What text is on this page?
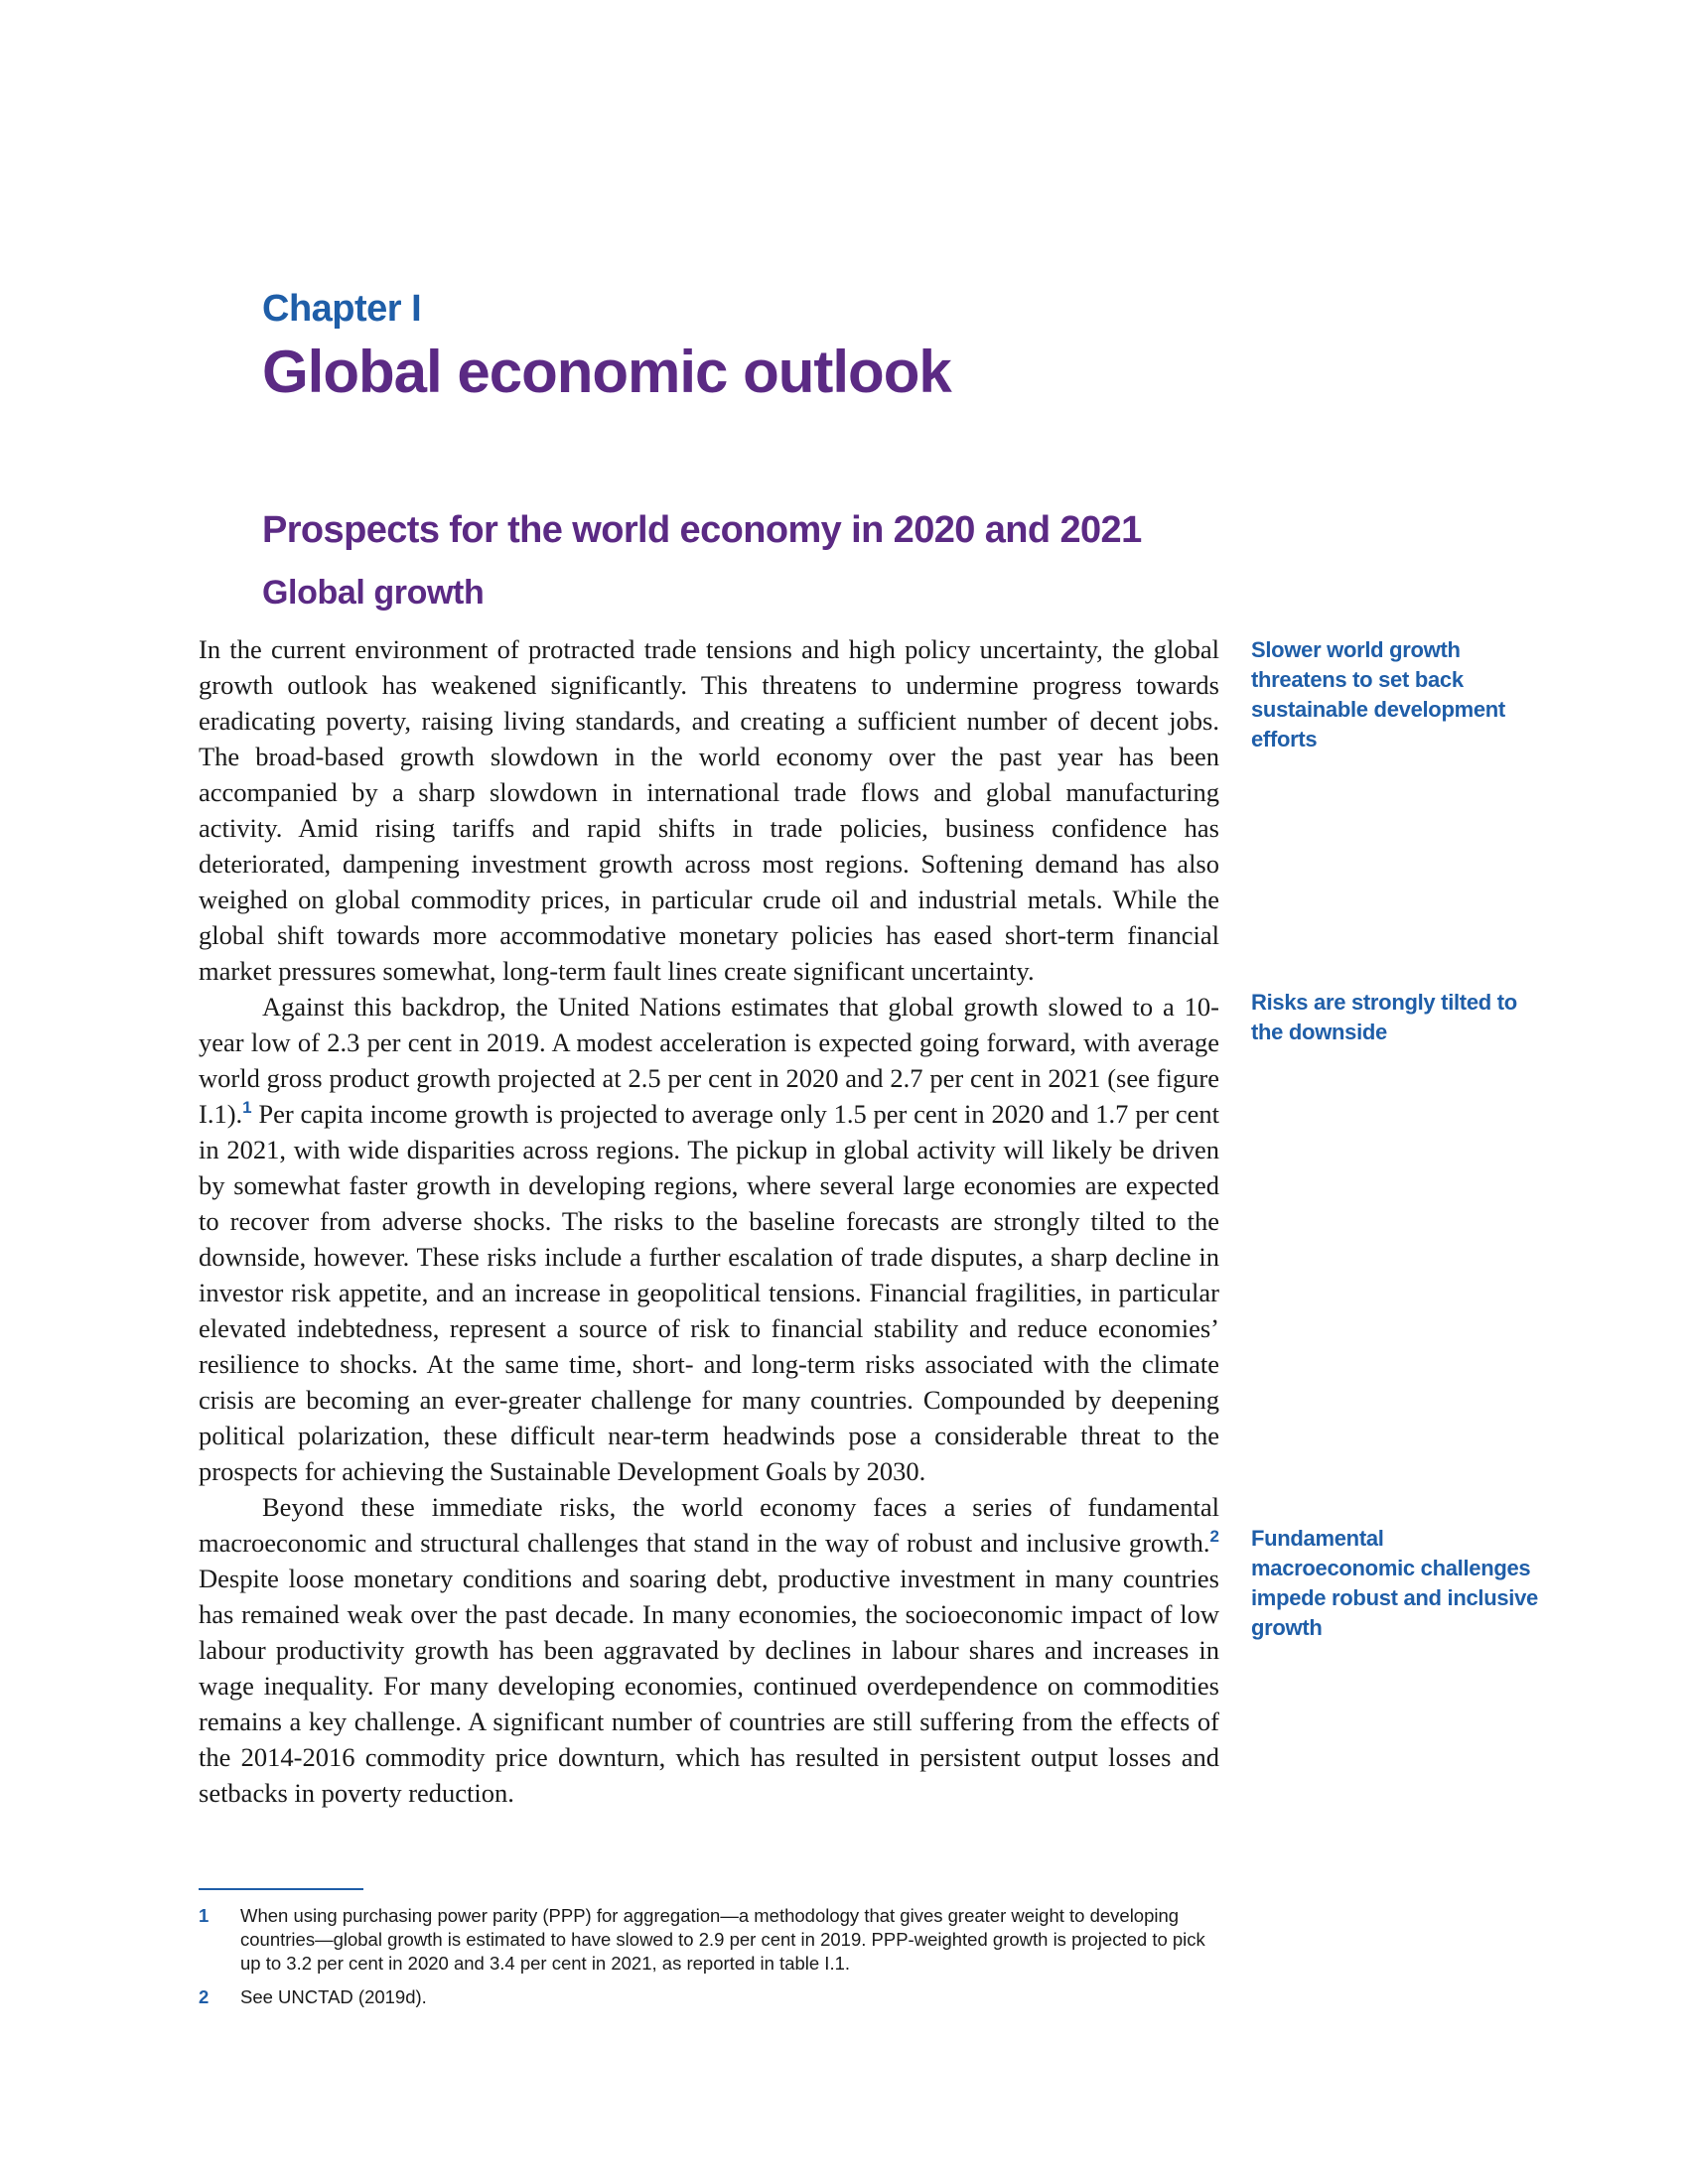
Chapter I
Global economic outlook
Prospects for the world economy in 2020 and 2021
Global growth

In the current environment of protracted trade tensions and high policy uncertainty, the global growth outlook has weakened significantly. This threatens to undermine progress towards eradicating poverty, raising living standards, and creating a sufficient number of decent jobs. The broad-based growth slowdown in the world economy over the past year has been accompanied by a sharp slowdown in international trade flows and global manufacturing activity. Amid rising tariffs and rapid shifts in trade policies, business confidence has deteriorated, dampening investment growth across most regions. Softening demand has also weighed on global commodity prices, in particular crude oil and industrial metals. While the global shift towards more accommodative monetary policies has eased short-term financial market pressures somewhat, long-term fault lines create significant uncertainty.

Against this backdrop, the United Nations estimates that global growth slowed to a 10-year low of 2.3 per cent in 2019. A modest acceleration is expected going forward, with average world gross product growth projected at 2.5 per cent in 2020 and 2.7 per cent in 2021 (see figure I.1).$^1$ Per capita income growth is projected to average only 1.5 per cent in 2020 and 1.7 per cent in 2021, with wide disparities across regions. The pickup in global activity will likely be driven by somewhat faster growth in developing regions, where several large economies are expected to recover from adverse shocks. The risks to the baseline forecasts are strongly tilted to the downside, however. These risks include a further escalation of trade disputes, a sharp decline in investor risk appetite, and an increase in geopolitical tensions. Financial fragilities, in particular elevated indebtedness, represent a source of risk to financial stability and reduce economies’ resilience to shocks. At the same time, short- and long-term risks associated with the climate crisis are becoming an ever-greater challenge for many countries. Compounded by deepening political polarization, these difficult near-term headwinds pose a considerable threat to the prospects for achieving the Sustainable Development Goals by 2030.

Beyond these immediate risks, the world economy faces a series of fundamental macroeconomic and structural challenges that stand in the way of robust and inclusive growth.$^2$ Despite loose monetary conditions and soaring debt, productive investment in many countries has remained weak over the past decade. In many economies, the socioeconomic impact of low labour productivity growth has been aggravated by declines in labour shares and increases in wage inequality. For many developing economies, continued overdependence on commodities remains a key challenge. A significant number of countries are still suffering from the effects of the 2014-2016 commodity price downturn, which has resulted in persistent output losses and setbacks in poverty reduction.

Slower world growth threatens to set back sustainable development efforts
Risks are strongly tilted to the downside
Fundamental macroeconomic challenges impede robust and inclusive growth
1 When using purchasing power parity (PPP) for aggregation—a methodology that gives greater weight to developing countries—global growth is estimated to have slowed to 2.9 per cent in 2019. PPP-weighted growth is projected to pick up to 3.2 per cent in 2020 and 3.4 per cent in 2021, as reported in table I.1.
2 See UNCTAD (2019d).
